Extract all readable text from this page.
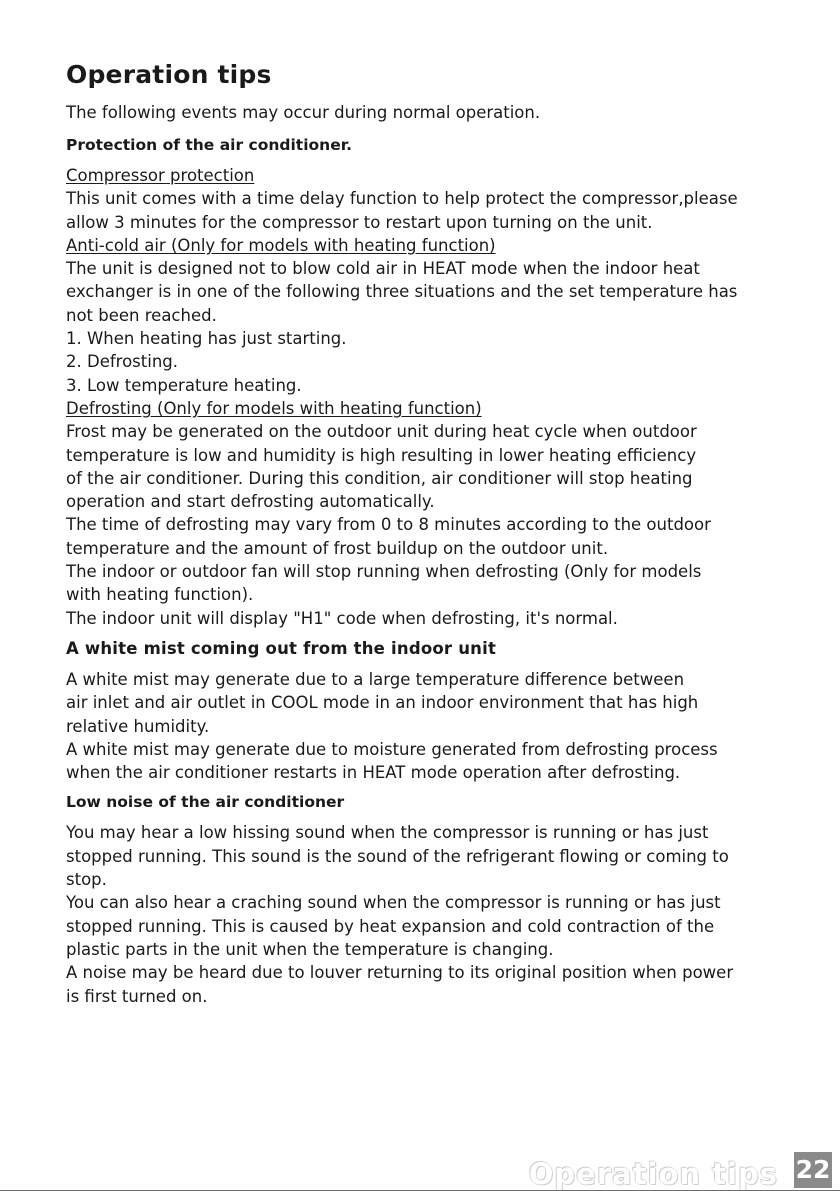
Operation tips
The following events may occur during normal operation.
Protection of the air conditioner.
Compressor protection
This unit comes with a time delay function to help protect the compressor,please
allow 3 minutes for the compressor to restart upon turning on the unit.
Anti-cold air (Only for models with heating function)
The unit is designed not to blow cold air in HEAT mode when the indoor heat
exchanger is in one of the following three situations and the set temperature has
not been reached.
1. When heating has just starting.
2. Defrosting.
3. Low temperature heating.
Defrosting (Only for models with heating function)
Frost may be generated on the outdoor unit during heat cycle when outdoor
temperature is low and humidity is high resulting in lower heating efficiency
of the air conditioner. During this condition, air conditioner will stop heating
operation and start defrosting automatically.
The time of defrosting may vary from 0 to 8 minutes according to the outdoor
temperature and the amount of frost buildup on the outdoor unit.
The indoor or outdoor fan will stop running when defrosting (Only for models
with heating function).
The indoor unit will display "H1" code when defrosting, it's normal.
A white mist coming out from the indoor unit
A white mist may generate due to a large temperature difference between
air inlet and air outlet in COOL mode in an indoor environment that has high
relative humidity.
A white mist may generate due to moisture generated from defrosting process
when the air conditioner restarts in HEAT mode operation after defrosting.
Low noise of the air conditioner
You may hear a low hissing sound when the compressor is running or has just
stopped running. This sound is the sound of the refrigerant flowing or coming to
stop.
You can also hear a craching sound when the compressor is running or has just
stopped running. This is caused by heat expansion and cold contraction of the
plastic parts in the unit when the temperature is changing.
A noise may be heard due to louver returning to its original position when power
is first turned on.
Operation tips 22
